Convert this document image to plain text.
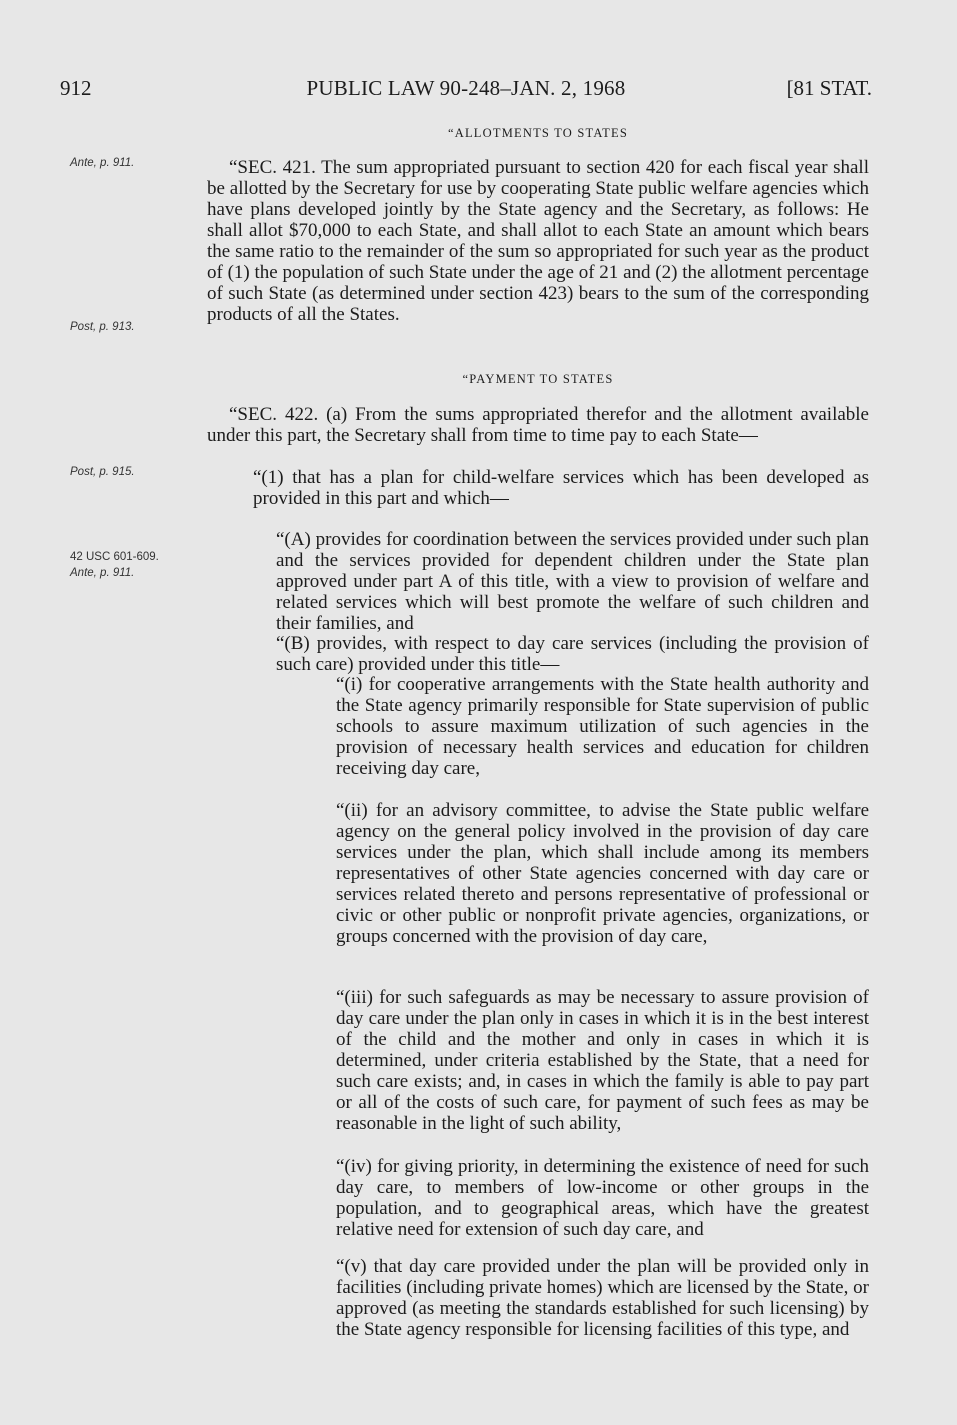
912	PUBLIC LAW 90-248–JAN. 2, 1968	[81 STAT.
“ALLOTMENTS TO STATES
Ante, p. 911.
Post, p. 913.
Post, p. 915.
42 USC 601-609.
Ante, p. 911.

“SEC. 421. The sum appropriated pursuant to section 420 for each fiscal year shall be allotted by the Secretary for use by cooperating State public welfare agencies which have plans developed jointly by the State agency and the Secretary, as follows: He shall allot $70,000 to each State, and shall allot to each State an amount which bears the same ratio to the remainder of the sum so appropriated for such year as the product of (1) the population of such State under the age of 21 and (2) the allotment percentage of such State (as determined under section 423) bears to the sum of the corresponding products of all the States.

“PAYMENT TO STATES

“SEC. 422. (a) From the sums appropriated therefor and the allotment available under this part, the Secretary shall from time to time pay to each State—

“(1) that has a plan for child-welfare services which has been developed as provided in this part and which—

“(A) provides for coordination between the services provided under such plan and the services provided for dependent children under the State plan approved under part A of this title, with a view to provision of welfare and related services which will best promote the welfare of such children and their families, and

“(B) provides, with respect to day care services (including the provision of such care) provided under this title—

“(i) for cooperative arrangements with the State health authority and the State agency primarily responsible for State supervision of public schools to assure maximum utilization of such agencies in the provision of necessary health services and education for children receiving day care,

“(ii) for an advisory committee, to advise the State public welfare agency on the general policy involved in the provision of day care services under the plan, which shall include among its members representatives of other State agencies concerned with day care or services related thereto and persons representative of professional or civic or other public or nonprofit private agencies, organizations, or groups concerned with the provision of day care,

“(iii) for such safeguards as may be necessary to assure provision of day care under the plan only in cases in which it is in the best interest of the child and the mother and only in cases in which it is determined, under criteria established by the State, that a need for such care exists; and, in cases in which the family is able to pay part or all of the costs of such care, for payment of such fees as may be reasonable in the light of such ability,

“(iv) for giving priority, in determining the existence of need for such day care, to members of low-income or other groups in the population, and to geographical areas, which have the greatest relative need for extension of such day care, and

“(v) that day care provided under the plan will be provided only in facilities (including private homes) which are licensed by the State, or approved (as meeting the standards established for such licensing) by the State agency responsible for licensing facilities of this type, and
